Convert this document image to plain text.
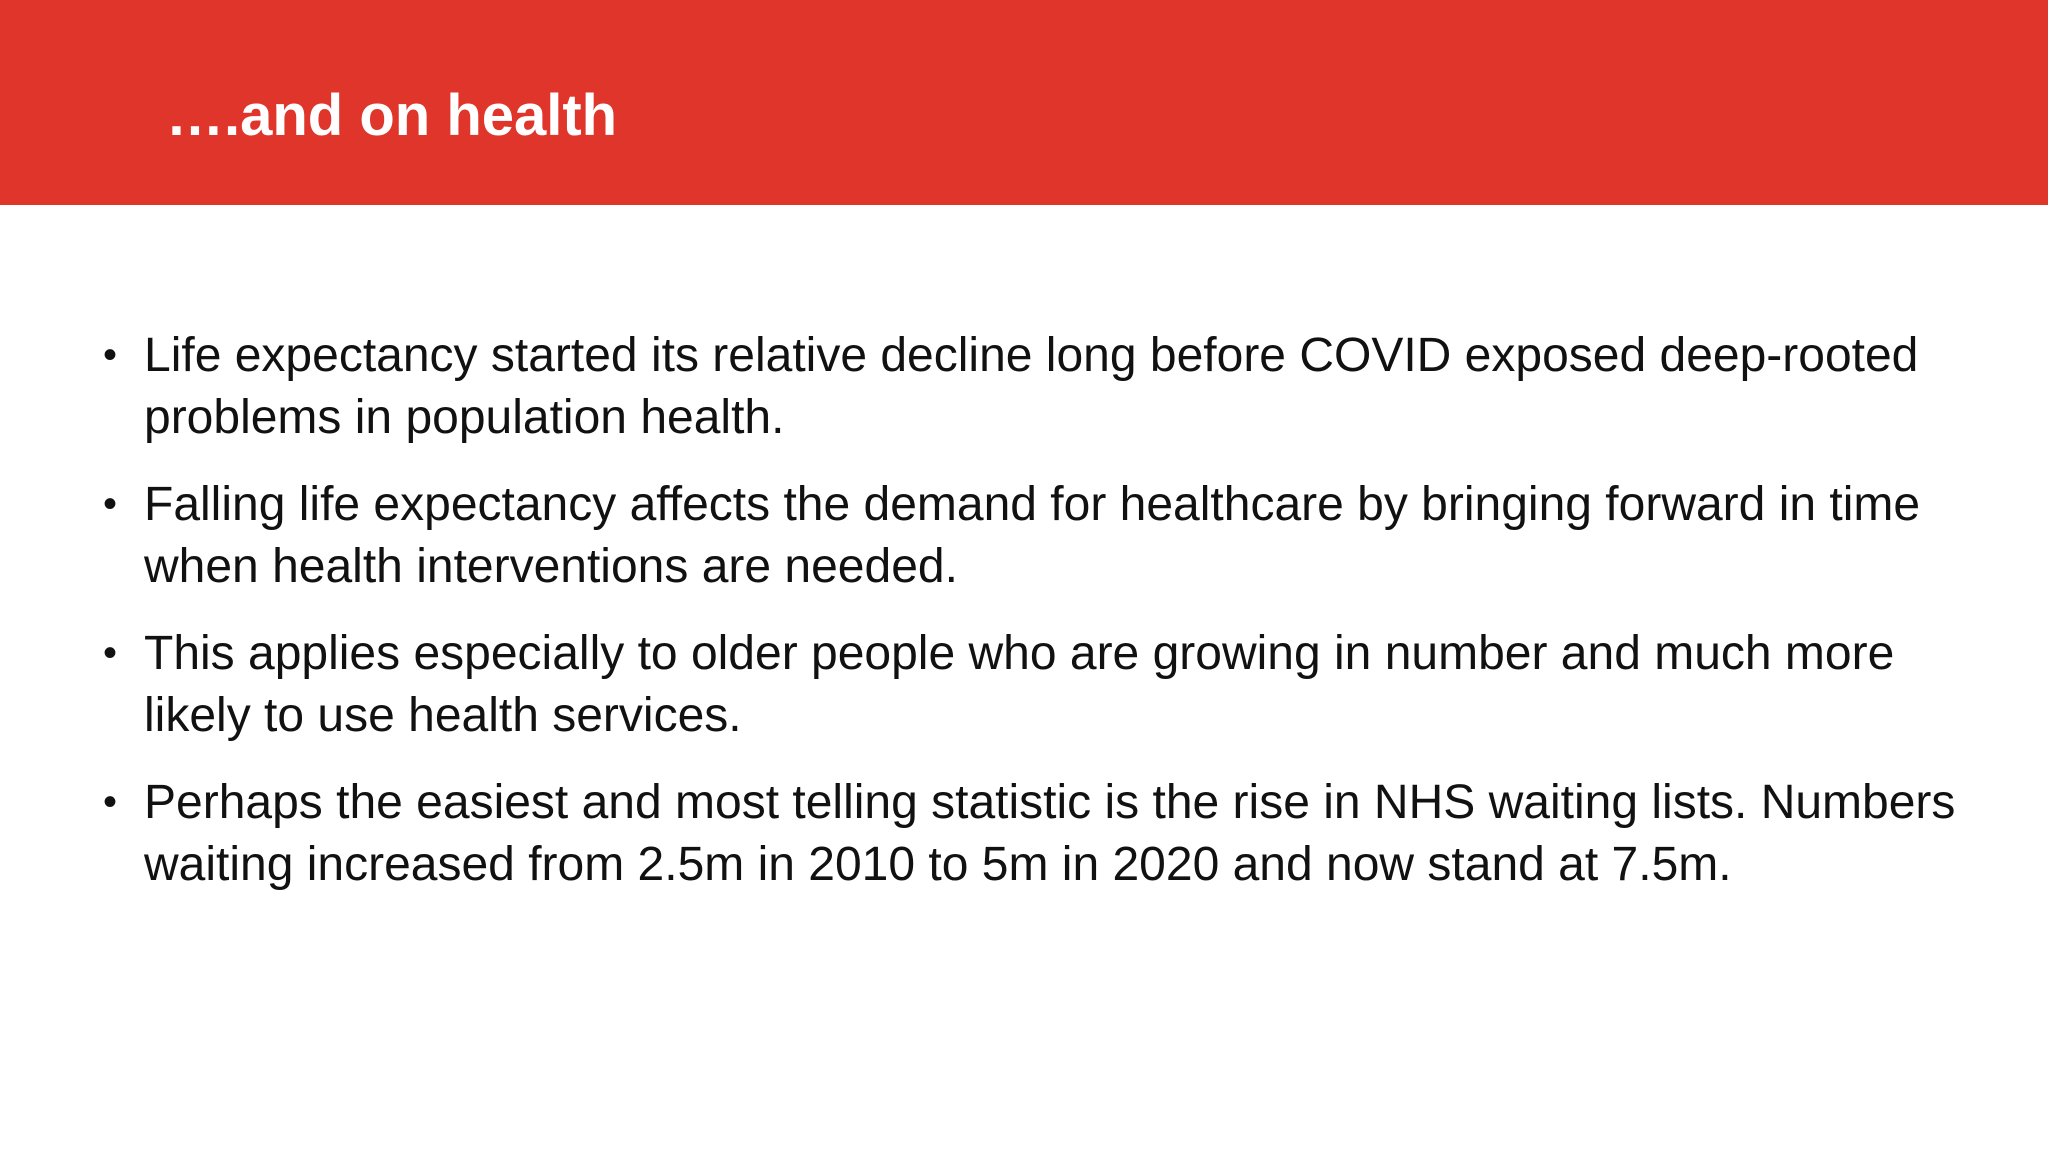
….and on health
• Life expectancy started its relative decline long before COVID exposed deep-rooted problems in population health.
• Falling life expectancy affects the demand for healthcare by bringing forward in time when health interventions are needed.
• This applies especially to older people who are growing in number and much more likely to use health services.
• Perhaps the easiest and most telling statistic is the rise in NHS waiting lists. Numbers waiting increased from 2.5m in 2010 to 5m in 2020 and now stand at 7.5m.
